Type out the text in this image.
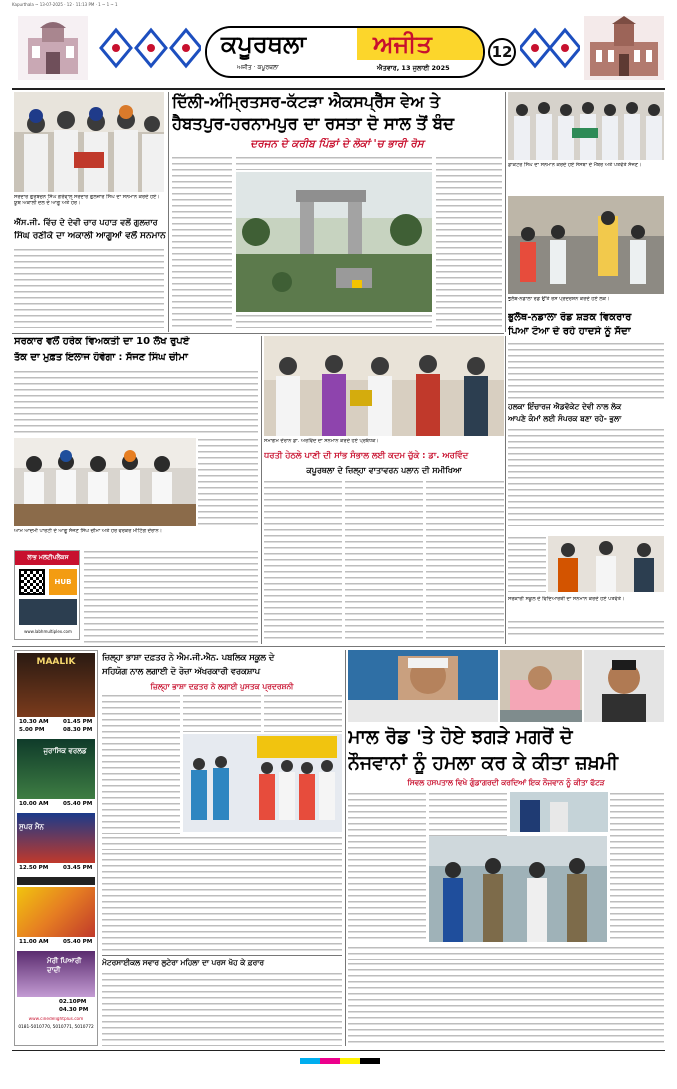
Kapurthala ~ 13-07-2025 · 12 · 11:13 PM · 1 ~ 1 ~ 1
ਕਪੂਰਥਲਾ	ਅਜੀਤ
ਅਜੀਤ · ਕਪੂਰਥਲਾ	ਐਤਵਾਰ, 13 ਜੁਲਾਈ 2025
12
ਸਰਦਾਰ ਗੁਰਬਚਨ ਸਿੰਘ ਗਰੇਵਾਲ ਸਰਦਾਰ ਗੁਲਜ਼ਾਰ ਸਿੰਘ ਦਾ ਸਨਮਾਨ ਕਰਦੇ ਹੋਏ। ਯੂਥ ਅਕਾਲੀ ਦਲ ਦੇ ਆਗੂ ਅਤੇ ਹੋਰ।
ਐੱਸ.ਜੀ. ਵਿੱਚ ਦੇ ਦੇਵੀ ਚਾਰ ਪਹਾੜ ਵਲੋਂ ਗੁਲਜ਼ਾਰ
ਸਿੰਘ ਰਣੀਕੇ ਦਾ ਅਕਾਲੀ ਆਗੂਆਂ ਵਲੋਂ ਸਨਮਾਨ
ਦਿੱਲੀ-ਅੰਮ੍ਰਿਤਸਰ-ਕੱਟੜਾ ਐਕਸਪ੍ਰੈੱਸ ਵੇਅ ਤੇ
ਹੈਬਤਪੁਰ-ਹਰਨਾਮਪੁਰ ਦਾ ਰਸਤਾ ਦੋ ਸਾਲ ਤੋਂ ਬੰਦ
ਦਰਜਨ ਦੇ ਕਰੀਬ ਪਿੰਡਾਂ ਦੇ ਲੋਕਾਂ 'ਚ ਭਾਰੀ ਰੋਸ
ਡਾਕਟਰ ਸਿੰਘ ਦਾ ਸਨਮਾਨ ਕਰਦੇ ਹੋਏ ਸੰਸਥਾ ਦੇ ਮੈਂਬਰ ਅਤੇ ਪਤਵੰਤੇ ਸੱਜਣ।
ਭੁਲੱਥ-ਨਡਾਲਾ ਰੋਡ ਉੱਤੇ ਰੋਸ ਪ੍ਰਦਰਸ਼ਨ ਕਰਦੇ ਹੋਏ ਲੋਕ।
ਭੁਲੱਥ-ਨਡਾਲਾ ਰੋਡ ਸ਼ੜਕ ਵਿਕਰਾਰ
ਪਿਆ ਟੋਆ ਦੇ ਰਹੇ ਹਾਦਸੇ ਨੂੰ ਸੱਦਾ
ਹਲਕਾ ਇੰਚਾਰਜ ਐਡਵੋਕੇਟ ਦੇਵੀ ਨਾਲ ਲੋਕ
ਆਪਣੇ ਕੰਮਾਂ ਲਈ ਸੰਪਰਕ ਬਣਾ ਰਹੇ- ਭੁਲਾ
ਸਰਕਾਰੀ ਸਕੂਲ ਦੇ ਵਿਦਿਆਰਥੀ ਦਾ ਸਨਮਾਨ ਕਰਦੇ ਹੋਏ ਪਤਵੰਤੇ।
ਸਰਕਾਰ ਵਲੋਂ ਹਰੇਕ ਵਿਅਕਤੀ ਦਾ 10 ਲੱਖ ਰੁਪਏ
ਤੱਕ ਦਾ ਮੁਫ਼ਤ ਇਲਾਜ ਹੋਵੇਗਾ : ਸੱਜਣ ਸਿੰਘ ਚੀਮਾ
ਆਮ ਆਦਮੀ ਪਾਰਟੀ ਦੇ ਆਗੂ ਸੱਜਣ ਸਿੰਘ ਚੀਮਾ ਅਤੇ ਹੋਰ ਵਰਕਰ ਮੀਟਿੰਗ ਦੌਰਾਨ।
ਲਾਭ ਮਲਟੀਪਲੈਕਸ
HUB
www.labhmultiplex.com
ਸਮਾਗਮ ਦੌਰਾਨ ਡਾ. ਅਰਵਿੰਦ ਦਾ ਸਨਮਾਨ ਕਰਦੇ ਹੋਏ ਪ੍ਰਬੰਧਕ।
ਧਰਤੀ ਹੇਠਲੇ ਪਾਣੀ ਦੀ ਸਾਂਭ ਸੰਭਾਲ ਲਈ ਕਦਮ ਚੁੱਕੇ : ਡਾ. ਅਰਵਿੰਦ
ਕਪੂਰਥਲਾ ਦੇ ਜ਼ਿਲ੍ਹਾ ਵਾਤਾਵਰਨ ਪਲਾਨ ਦੀ ਸਮੀਖਿਆ
MAALIK
10.30 AM	01.45 PM
5.00 PM	08.30 PM
ਜੁਰਾਸਿਕ ਵਰਲਡ
10.00 AM	05.40 PM
ਸੁਪਰ ਮੈਨ
12.50 PM	03.45 PM
11.00 AM	05.40 PM
ਮੇਰੀ ਪਿਆਰੀ ਦਾਦੀ
02.10PM
04.30 PM
www.cinedelightplus.com
0181-5010770, 5010771, 5010772
ਜ਼ਿਲ੍ਹਾ ਭਾਸ਼ਾ ਦਫ਼ਤਰ ਨੇ ਐਮ.ਜੀ.ਐਨ. ਪਬਲਿਕ ਸਕੂਲ ਦੇ
ਸਹਿਯੋਗ ਨਾਲ ਲਗਾਈ ਦੋ ਰੋਜ਼ਾ ਅੱਖਰਕਾਰੀ ਵਰਕਸ਼ਾਪ
ਜ਼ਿਲ੍ਹਾ ਭਾਸ਼ਾ ਦਫ਼ਤਰ ਨੇ ਲਗਾਈ ਪੁਸਤਕ ਪ੍ਰਦਰਸ਼ਨੀ
ਮੋਟਰਸਾਈਕਲ ਸਵਾਰ ਲੁਟੇਰਾ ਮਹਿਲਾ ਦਾ ਪਰਸ ਖੋਹ ਕੇ ਫ਼ਰਾਰ
ਮਾਲ ਰੋਡ 'ਤੇ ਹੋਏ ਝਗੜੇ ਮਗਰੋਂ ਦੋ
ਨੌਜਵਾਨਾਂ ਨੂੰ ਹਮਲਾ ਕਰ ਕੇ ਕੀਤਾ ਜ਼ਖ਼ਮੀ
ਸਿਵਲ ਹਸਪਤਾਲ ਵਿਖੇ ਗੁੰਡਾਗਰਦੀ ਕਰਦਿਆਂ ਇਕ ਨੌਜਵਾਨ ਨੂੰ ਕੀਤਾ ਫੱਟੜ
